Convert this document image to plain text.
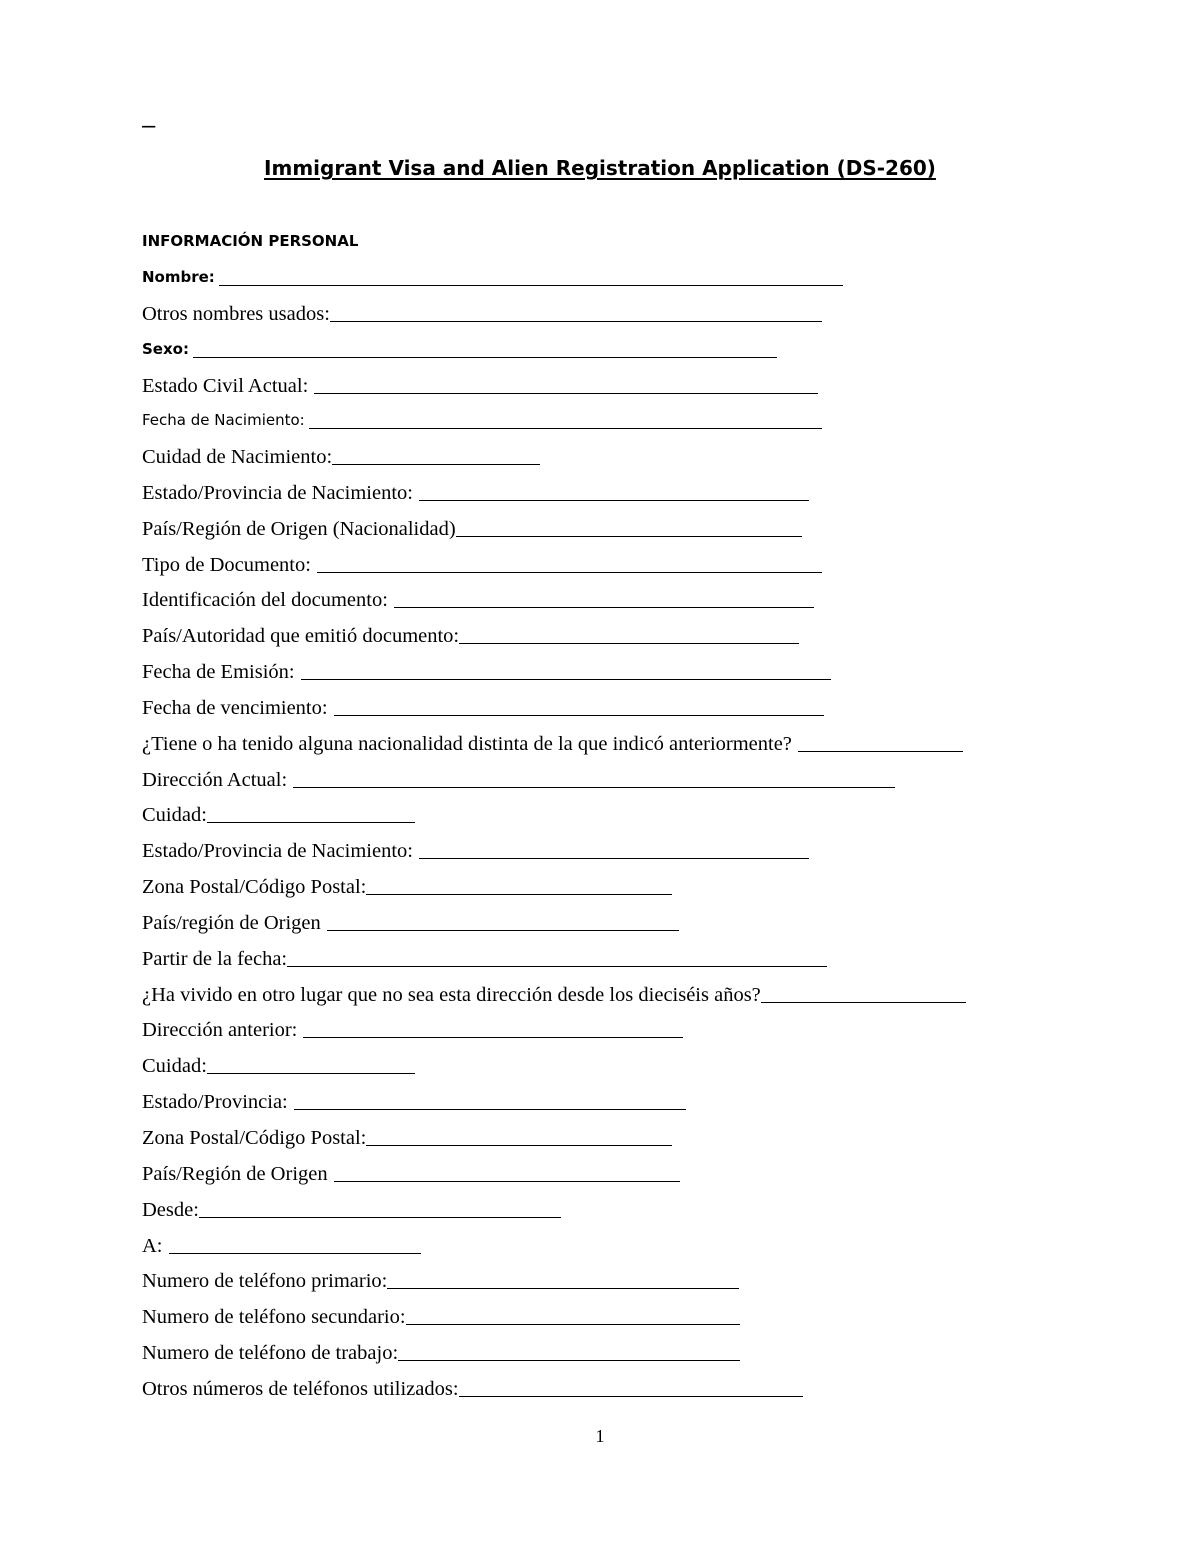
–
Immigrant Visa and Alien Registration Application (DS-260)
INFORMACIÓN PERSONAL
Nombre:
Otros nombres usados:
Sexo:
Estado Civil Actual:
Fecha de Nacimiento:
Cuidad de Nacimiento:
Estado/Provincia de Nacimiento:
País/Región de Origen (Nacionalidad)
Tipo de Documento:
Identificación del documento:
País/Autoridad que emitió documento:
Fecha de Emisión:
Fecha de vencimiento:
¿Tiene o ha tenido alguna nacionalidad distinta de la que indicó anteriormente?
Dirección Actual:
Cuidad:
Estado/Provincia de Nacimiento:
Zona Postal/Código Postal:
País/región de Origen
Partir de la fecha:
¿Ha vivido en otro lugar que no sea esta dirección desde los dieciséis años?
Dirección anterior:
Cuidad:
Estado/Provincia:
Zona Postal/Código Postal:
País/Región de Origen
Desde:
A:
Numero de teléfono primario:
Numero de teléfono secundario:
Numero de teléfono de trabajo:
Otros números de teléfonos utilizados:
1
